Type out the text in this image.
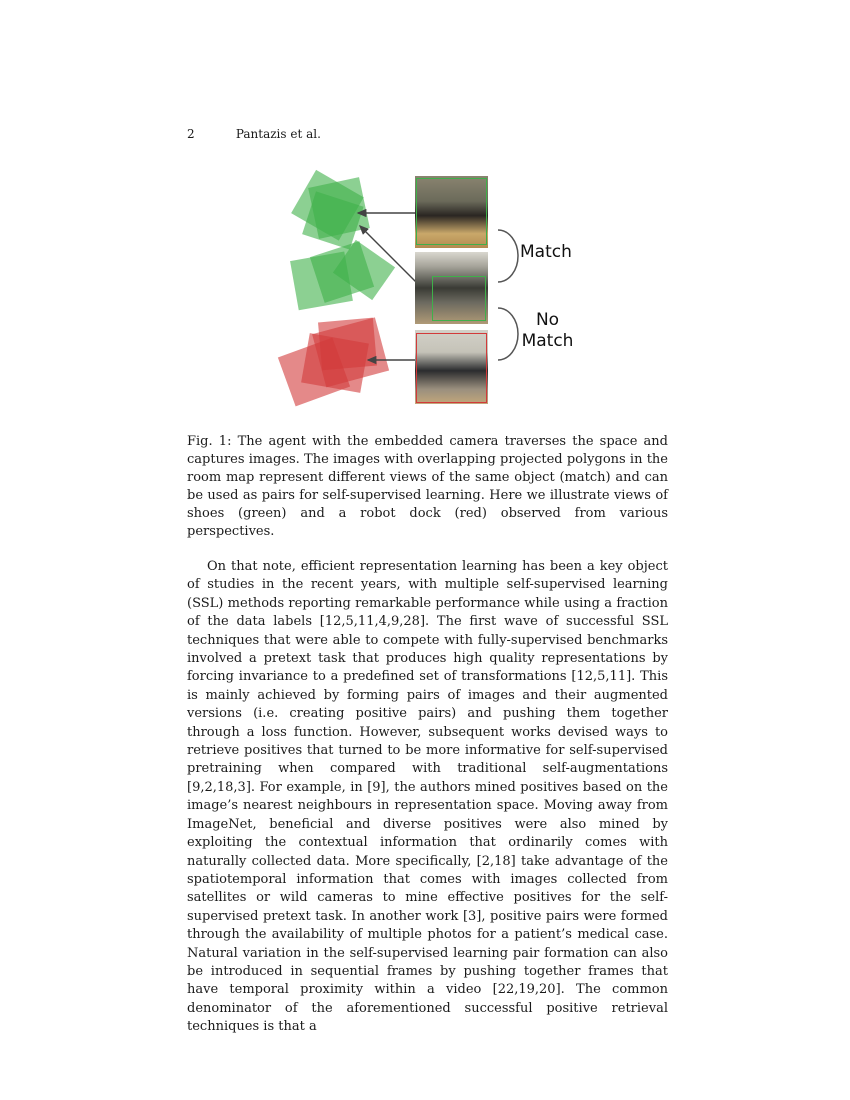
2	Pantazis et al.
Match
No
Match
Fig. 1: The agent with the embedded camera traverses the space and captures images. The images with overlapping projected polygons in the room map represent different views of the same object (match) and can be used as pairs for self-supervised learning. Here we illustrate views of shoes (green) and a robot dock (red) observed from various perspectives.

On that note, efficient representation learning has been a key object of studies in the recent years, with multiple self-supervised learning (SSL) methods reporting remarkable performance while using a fraction of the data labels [12,5,11,4,9,28]. The first wave of successful SSL techniques that were able to compete with fully-supervised benchmarks involved a pretext task that produces high quality representations by forcing invariance to a predefined set of transformations [12,5,11]. This is mainly achieved by forming pairs of images and their augmented versions (i.e. creating positive pairs) and pushing them together through a loss function. However, subsequent works devised ways to retrieve positives that turned to be more informative for self-supervised pretraining when compared with traditional self-augmentations [9,2,18,3]. For example, in [9], the authors mined positives based on the image’s nearest neighbours in representation space. Moving away from ImageNet, beneficial and diverse positives were also mined by exploiting the contextual information that ordinarily comes with naturally collected data. More specifically, [2,18] take advantage of the spatiotemporal information that comes with images collected from satellites or wild cameras to mine effective positives for the self-supervised pretext task. In another work [3], positive pairs were formed through the availability of multiple photos for a patient’s medical case. Natural variation in the self-supervised learning pair formation can also be introduced in sequential frames by pushing together frames that have temporal proximity within a video [22,19,20]. The common denominator of the aforementioned successful positive retrieval techniques is that a
